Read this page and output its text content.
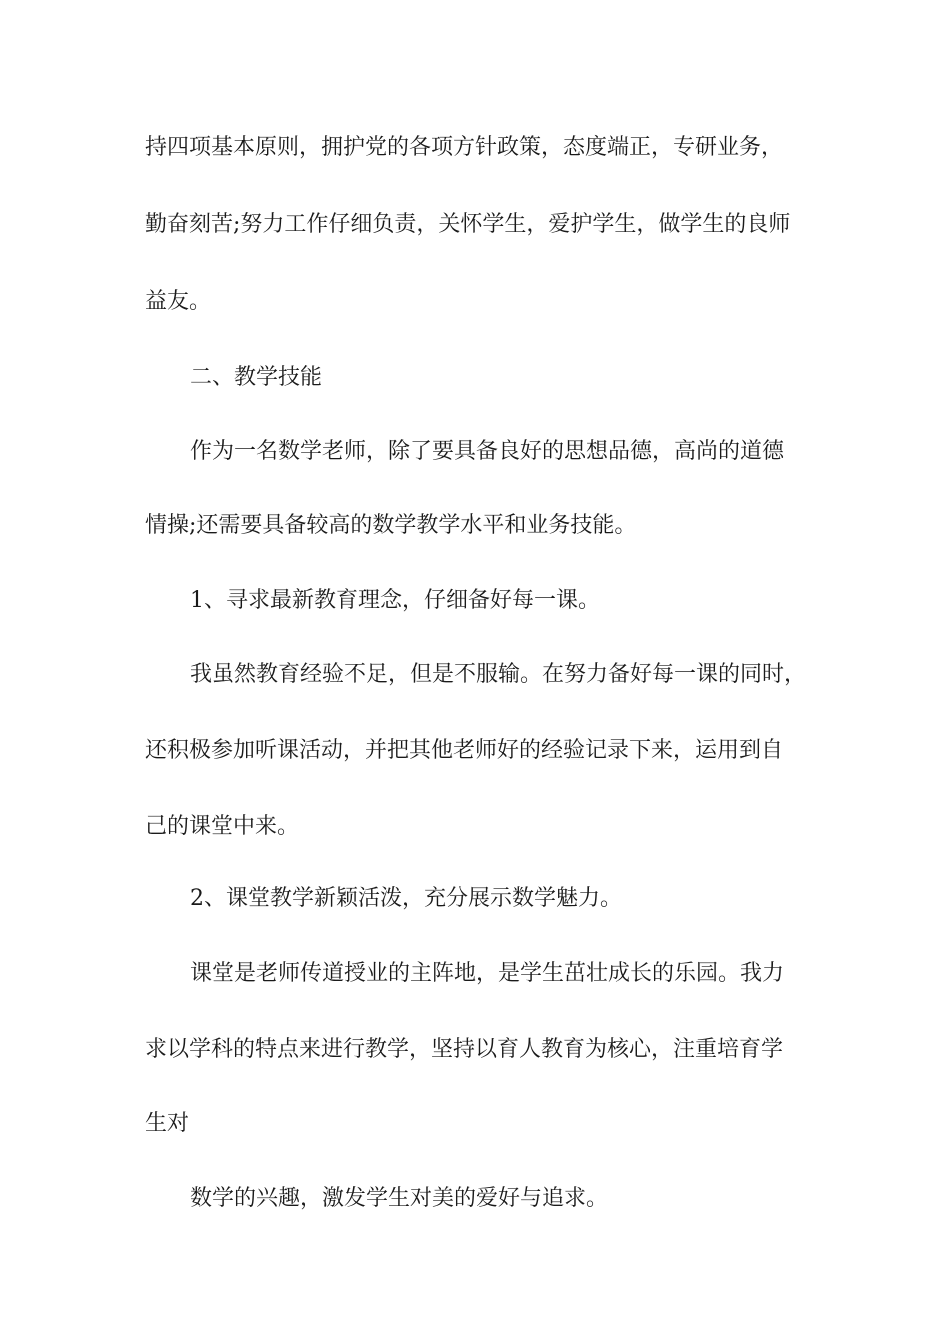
持四项基本原则，拥护党的各项方针政策，态度端正，专研业务，
勤奋刻苦;努力工作仔细负责，关怀学生，爱护学生，做学生的良师
益友。
二、教学技能
作为一名数学老师，除了要具备良好的思想品德，高尚的道德
情操;还需要具备较高的数学教学水平和业务技能。
1、寻求最新教育理念，仔细备好每一课。
我虽然教育经验不足，但是不服输。在努力备好每一课的同时，
还积极参加听课活动，并把其他老师好的经验记录下来，运用到自
己的课堂中来。
2、课堂教学新颖活泼，充分展示数学魅力。
课堂是老师传道授业的主阵地，是学生茁壮成长的乐园。我力
求以学科的特点来进行教学，坚持以育人教育为核心，注重培育学
生对
数学的兴趣，激发学生对美的爱好与追求。
